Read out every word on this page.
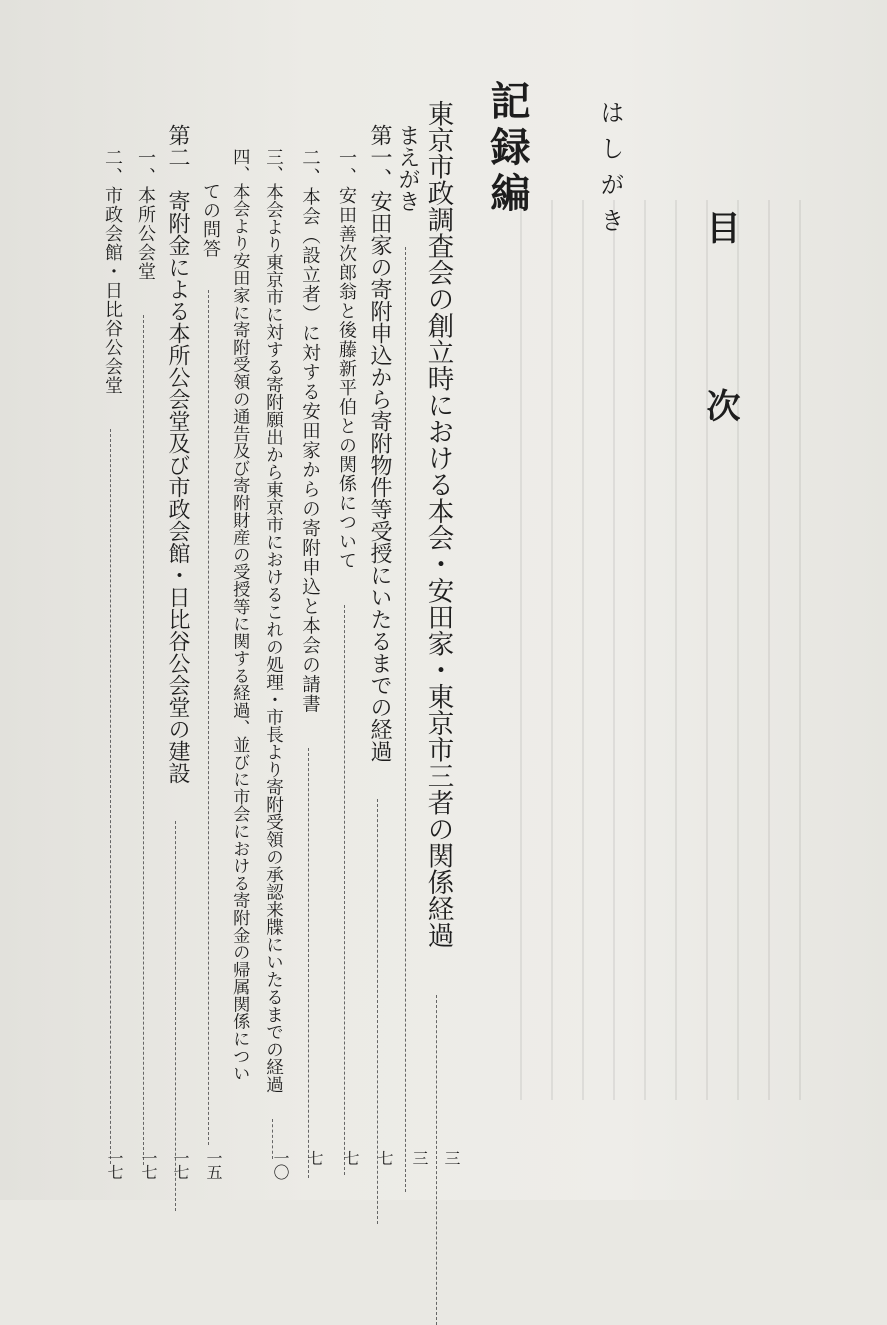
目
次
はしがき
記録編
東京市政調査会の創立時における本会・安田家・東京市三者の関係経過
まえがき
第一、安田家の寄附申込から寄附物件等受授にいたるまでの経過
一、安田善次郎翁と後藤新平伯との関係について
二、本会（設立者）に対する安田家からの寄附申込と本会の請書
三、本会より東京市に対する寄附願出から東京市におけるこれの処理・市長より寄附受領の承認来牒にいたるまでの経過
四、本会より安田家に寄附受領の通告及び寄附財産の受授等に関する経過、並びに市会における寄附金の帰属関係につい
ての問答
第二　寄附金による本所公会堂及び市政会館・日比谷公会堂の建設
一、本所公会堂
二、市政会館・日比谷公会堂
三
三
七
七
七
一〇
一五
一七
一七
一七
